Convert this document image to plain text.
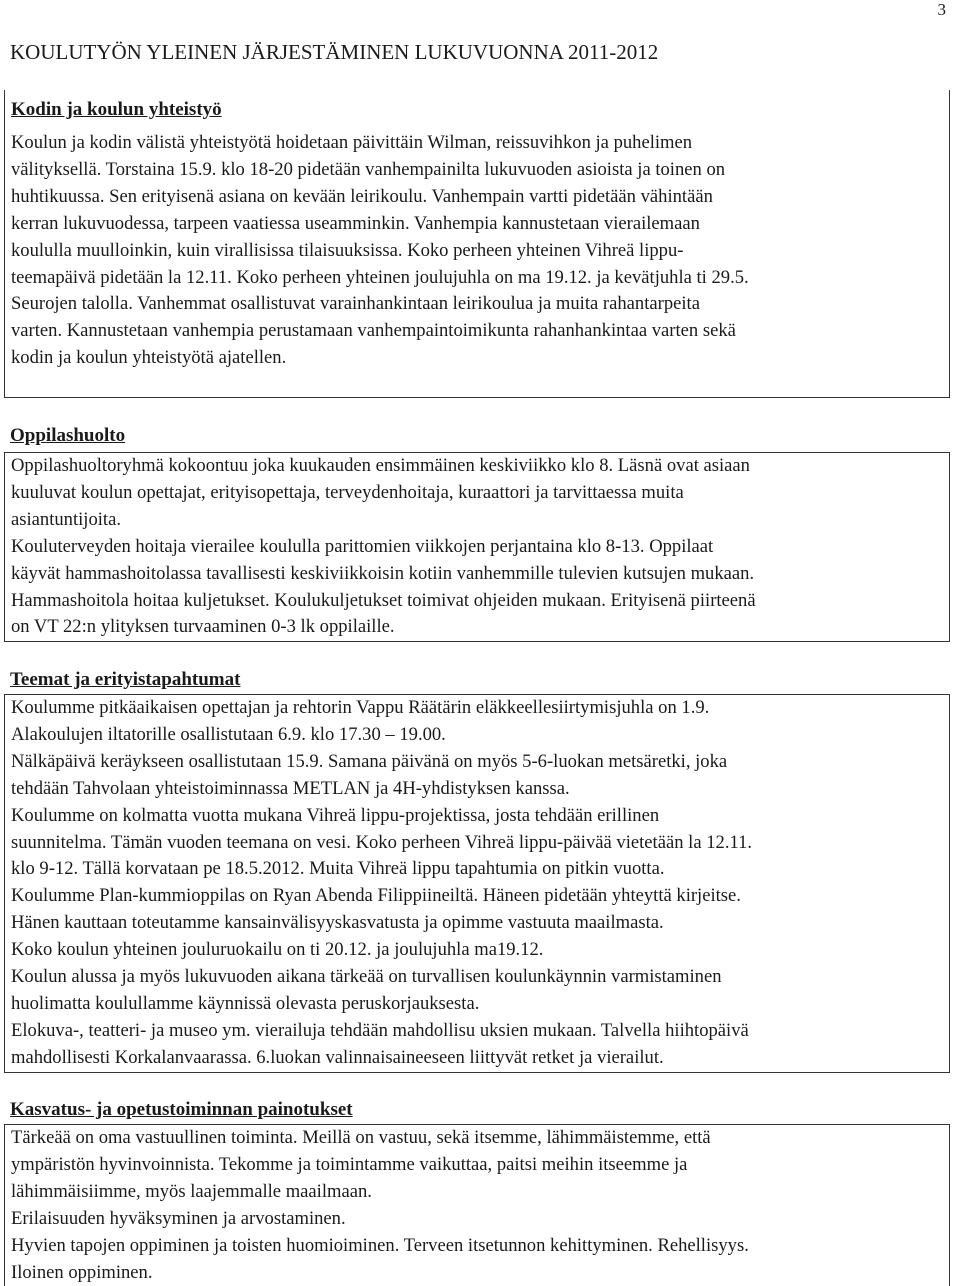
3
KOULUTYÖN YLEINEN JÄRJESTÄMINEN LUKUVUONNA 2011-2012
Kodin ja koulun yhteistyö
Koulun ja kodin välistä yhteistyötä hoidetaan päivittäin Wilman, reissuvihkon ja puhelimen
välityksellä. Torstaina 15.9. klo 18-20 pidetään vanhempainilta lukuvuoden asioista ja toinen on
huhtikuussa. Sen erityisenä asiana on kevään leirikoulu. Vanhempain vartti pidetään vähintään
kerran lukuvuodessa, tarpeen vaatiessa useamminkin. Vanhempia kannustetaan vierailemaan
koululla muulloinkin, kuin virallisissa tilaisuuksissa. Koko perheen yhteinen Vihreä lippu-
teemapäivä pidetään la 12.11. Koko perheen yhteinen joulujuhla on ma 19.12. ja kevätjuhla ti 29.5.
Seurojen talolla. Vanhemmat osallistuvat varainhankintaan leirikoulua ja muita rahantarpeita
varten. Kannustetaan vanhempia perustamaan vanhempaintoimikunta rahanhankintaa varten sekä
kodin ja koulun yhteistyötä ajatellen.
Oppilashuolto
Oppilashuoltoryhmä kokoontuu joka kuukauden ensimmäinen keskiviikko klo 8. Läsnä ovat asiaan
kuuluvat koulun opettajat, erityisopettaja, terveydenhoitaja, kuraattori ja tarvittaessa muita
asiantuntijoita.
Kouluterveyden hoitaja vierailee koululla parittomien viikkojen perjantaina klo 8-13. Oppilaat
käyvät hammashoitolassa tavallisesti keskiviikkoisin kotiin vanhemmille tulevien kutsujen mukaan.
Hammashoitola hoitaa kuljetukset. Koulukuljetukset toimivat ohjeiden mukaan. Erityisenä piirteenä
on VT 22:n ylityksen turvaaminen 0-3 lk oppilaille.
Teemat ja erityistapahtumat
Koulumme pitkäaikaisen opettajan ja rehtorin Vappu Räätärin eläkkeellesiirtymisjuhla on 1.9.
Alakoulujen iltatorille osallistutaan 6.9. klo 17.30 – 19.00.
Nälkäpäivä keräykseen osallistutaan 15.9. Samana päivänä on myös 5-6-luokan metsäretki, joka
tehdään Tahvolaan yhteistoiminnassa METLAN ja 4H-yhdistyksen kanssa.
Koulumme on kolmatta vuotta mukana Vihreä lippu-projektissa, josta tehdään erillinen
suunnitelma. Tämän vuoden teemana on vesi. Koko perheen Vihreä lippu-päivää vietetään la 12.11.
klo 9-12. Tällä korvataan pe 18.5.2012. Muita Vihreä lippu tapahtumia on pitkin vuotta.
Koulumme Plan-kummioppilas on Ryan Abenda Filippiineiltä. Häneen pidetään yhteyttä kirjeitse.
Hänen kauttaan toteutamme kansainvälisyyskasvatusta ja opimme vastuuta maailmasta.
Koko koulun yhteinen jouluruokailu on ti 20.12. ja joulujuhla ma19.12.
Koulun alussa ja myös lukuvuoden aikana tärkeää on turvallisen koulunkäynnin varmistaminen
huolimatta koulullamme käynnissä olevasta peruskorjauksesta.
Elokuva-, teatteri- ja museo ym. vierailuja tehdään mahdollisu uksien mukaan. Talvella hiihtopäivä
mahdollisesti Korkalanvaarassa. 6.luokan valinnaisaineeseen liittyvät retket ja vierailut.
Kasvatus- ja opetustoiminnan painotukset
Tärkeää on oma vastuullinen toiminta. Meillä on vastuu, sekä itsemme, lähimmäistemme, että
ympäristön hyvinvoinnista. Tekomme ja toimintamme vaikuttaa, paitsi meihin itseemme ja
lähimmäisiimme, myös laajemmalle maailmaan.
Erilaisuuden hyväksyminen ja arvostaminen.
Hyvien tapojen oppiminen ja toisten huomioiminen. Terveen itsetunnon kehittyminen. Rehellisyys.
Iloinen oppiminen.
